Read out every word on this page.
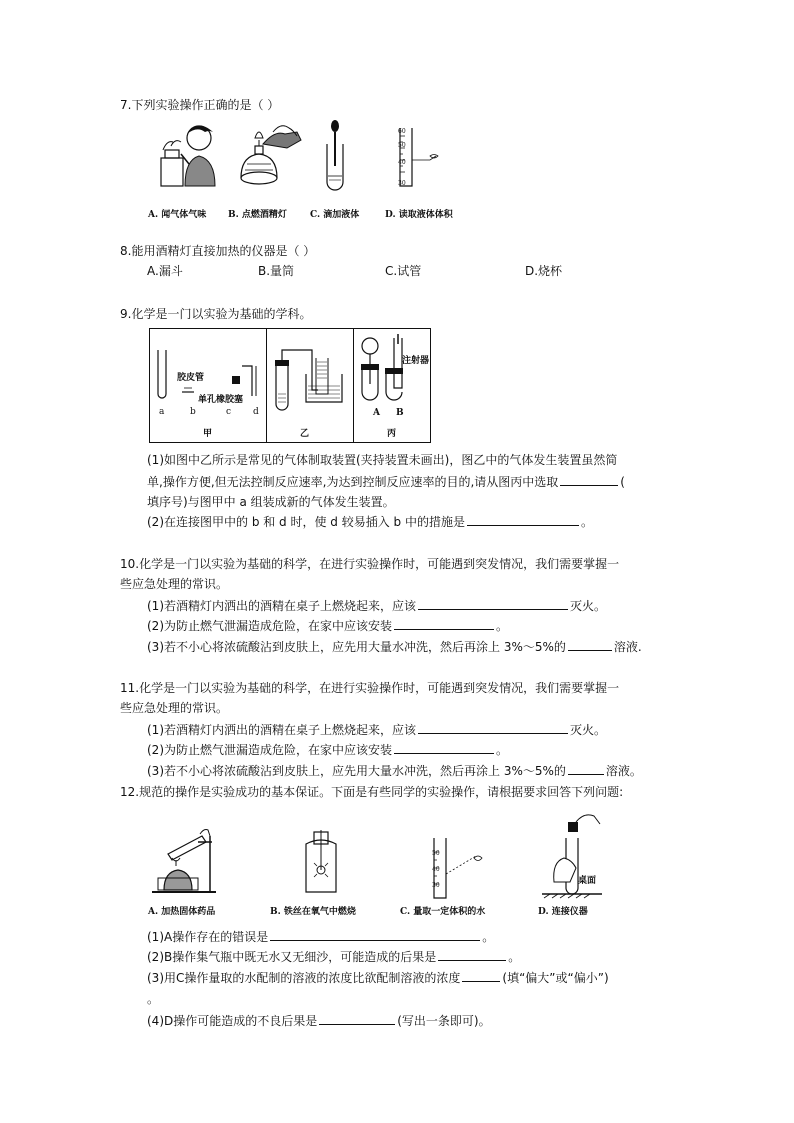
7.下列实验操作正确的是（ ）
60
50
40
30
A. 闻气体气味 B. 点燃酒精灯	C. 滴加液体	D. 读取液体体积
8.能用酒精灯直接加热的仪器是（ ）
A.漏斗	B.量筒	C.试管	D.烧杯
9.化学是一门以实验为基础的学科。
胶皮管
单孔橡胶塞
a	b	c d
甲	乙
注射器
A B
丙
(1)如图中乙所示是常见的气体制取装置(夹持装置未画出)，图乙中的气体发生装置虽然简
单,操作方便,但无法控制反应速率,为达到控制反应速率的目的,请从图丙中选取	(
填序号)与图甲中 a 组装成新的气体发生装置。
(2)在连接图甲中的 b 和 d 时，使 d 较易插入 b 中的措施是	。
10.化学是一门以实验为基础的科学，在进行实验操作时，可能遇到突发情况，我们需要掌握一
些应急处理的常识。
(1)若酒精灯内洒出的酒精在桌子上燃烧起来，应该	灭火。
(2)为防止燃气泄漏造成危险，在家中应该安装	。
(3)若不小心将浓硫酸沾到皮肤上，应先用大量水冲洗，然后再涂上 3%～5%的	溶液.
11.化学是一门以实验为基础的科学，在进行实验操作时，可能遇到突发情况，我们需要掌握一
些应急处理的常识。
(1)若酒精灯内洒出的酒精在桌子上燃烧起来，应该	灭火。
(2)为防止燃气泄漏造成危险，在家中应该安装	。
(3)若不小心将浓硫酸沾到皮肤上，应先用大量水冲洗，然后再涂上 3%～5%的	溶液。
12.规范的操作是实验成功的基本保证。下面是有些同学的实验操作，请根据要求回答下列问题:
50
40
30	桌面
A. 加热固体药品	B. 铁丝在氧气中燃烧	C. 量取一定体积的水	D. 连接仪器
(1)A操作存在的错误是	。
(2)B操作集气瓶中既无水又无细沙，可能造成的后果是	。
(3)用C操作量取的水配制的溶液的浓度比欲配制溶液的浓度	(填“偏大”或“偏小”)
。
(4)D操作可能造成的不良后果是	(写出一条即可)。
